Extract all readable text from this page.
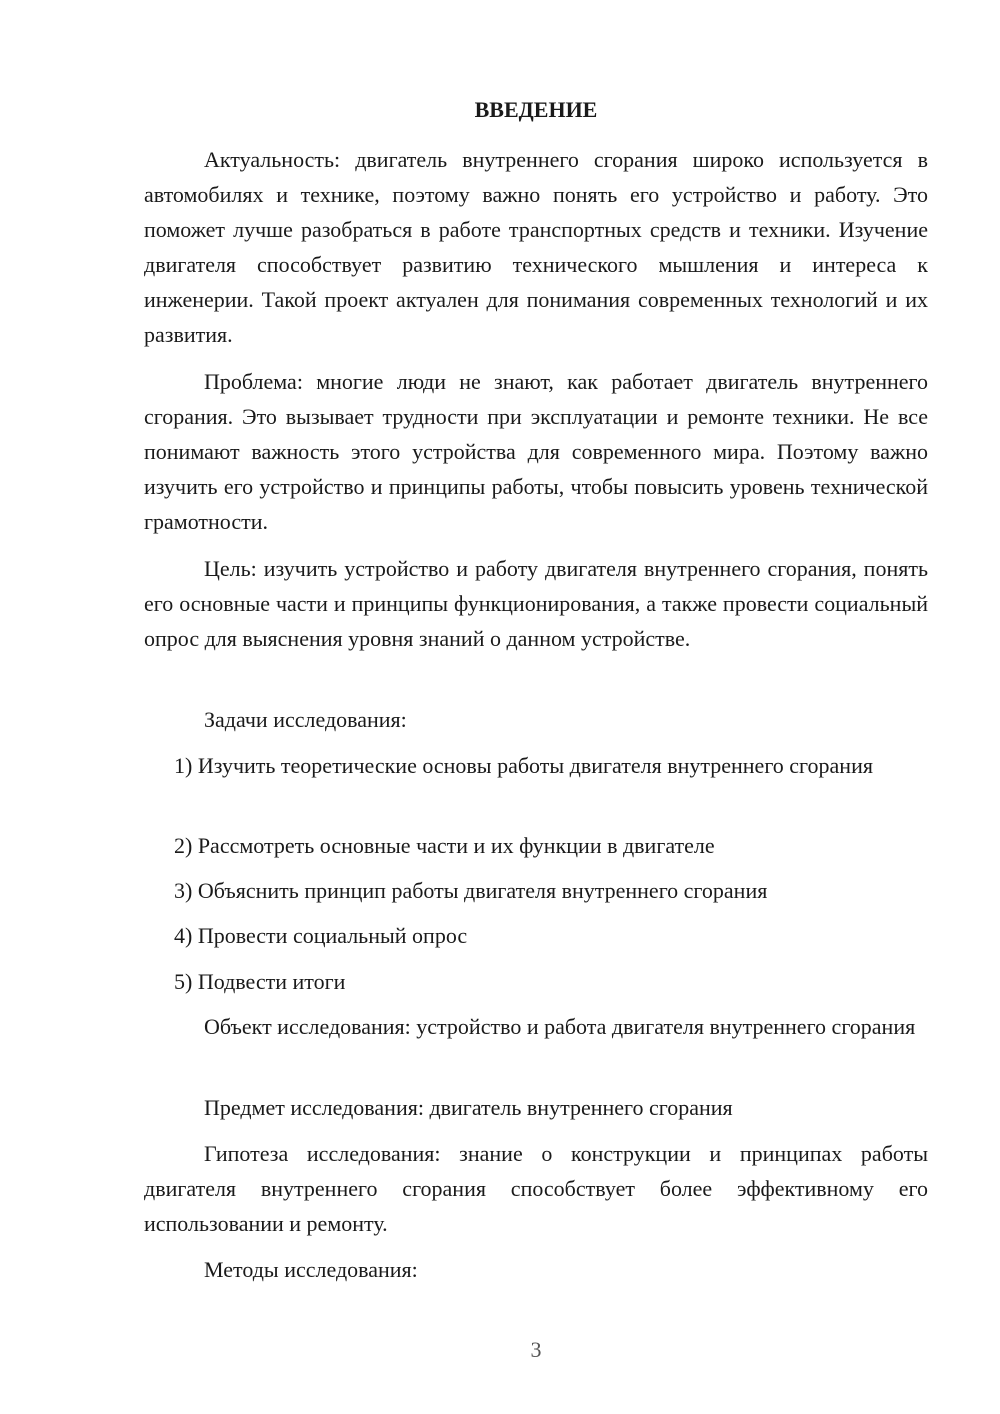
ВВЕДЕНИЕ

Актуальность: двигатель внутреннего сгорания широко используется в автомобилях и технике, поэтому важно понять его устройство и работу. Это поможет лучше разобраться в работе транспортных средств и техники. Изучение двигателя способствует развитию технического мышления и интереса к инженерии. Такой проект актуален для понимания современных технологий и их развития.

Проблема: многие люди не знают, как работает двигатель внутреннего сгорания. Это вызывает трудности при эксплуатации и ремонте техники. Не все понимают важность этого устройства для современного мира. Поэтому важно изучить его устройство и принципы работы, чтобы повысить уровень технической грамотности.

Цель: изучить устройство и работу двигателя внутреннего сгорания, понять его основные части и принципы функционирования, а также провести социальный опрос для выяснения уровня знаний о данном устройстве.

Задачи исследования:

1) Изучить теоретические основы работы двигателя внутреннего сгорания
2) Рассмотреть основные части и их функции в двигателе
3) Объяснить принцип работы двигателя внутреннего сгорания
4) Провести социальный опрос
5) Подвести итоги

Объект исследования: устройство и работа двигателя внутреннего сгорания

Предмет исследования: двигатель внутреннего сгорания

Гипотеза исследования: знание о конструкции и принципах работы двигателя внутреннего сгорания способствует более эффективному его использовании и ремонту.

Методы исследования:

3
